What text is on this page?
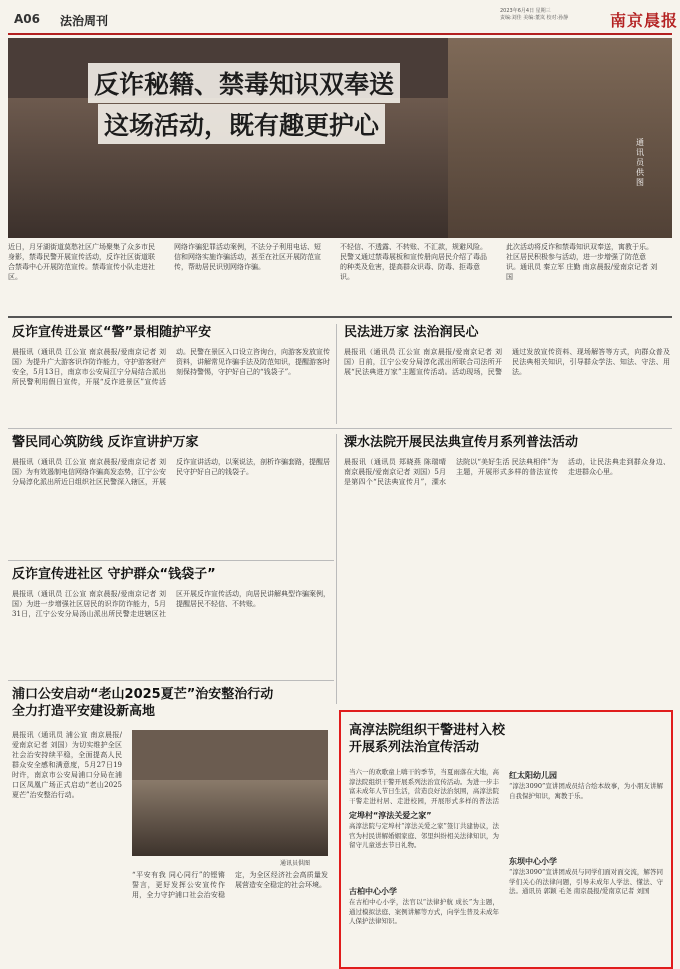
A06 法治周刊
2023年6月4日 星期三
责编:刘佳 美编:董岚 校对:孙静	南京晨报
反诈秘籍、禁毒知识双奉送
这场活动，既有趣更护心
通讯员供图
近日，月牙湖街道莫愁社区广场聚集了众多市民身影，禁毒民警开展宣传活动，反诈社区街道联合禁毒中心开展防范宣传。禁毒宣传小队走进社区。
网络诈骗犯罪活动案例，不法分子利用电话、短信和网络实施诈骗活动，甚至在社区开展防范宣传，帮助居民识别网络诈骗。
不轻信、不透露、不转账、不汇款，规避风险。民警又通过禁毒展板和宣传册向居民介绍了毒品的种类及危害，提高群众识毒、防毒、拒毒意识。
此次活动将反诈和禁毒知识双奉送，寓教于乐。社区居民积极参与活动，进一步增强了防范意识。通讯员 秦立军 庄勤 南京晨报/爱南京记者 刘国
反诈宣传进景区“警”景相随护平安
晨报讯（通讯员 江公宣 南京晨报/爱南京记者 刘国）为提升广大游客识诈防诈能力，守护游客财产安全，5月13日，南京市公安局江宁分局结合派出所民警利用假日宣传，开展“反诈进景区”宣传活动。民警在景区入口设立咨询台，向游客发放宣传资料，讲解常见诈骗手法及防范知识，提醒游客时刻保持警惕，守护好自己的“钱袋子”。
民法进万家 法治润民心
晨报讯（通讯员 江公宣 南京晨报/爱南京记者 刘国）日前，江宁公安分局淳化派出所联合司法所开展“民法典进万家”主题宣传活动。活动现场，民警通过发放宣传资料、现场解答等方式，向群众普及民法典相关知识，引导群众学法、知法、守法、用法。
警民同心筑防线 反诈宣讲护万家
晨报讯（通讯员 江公宣 南京晨报/爱南京记者 刘国）为有效遏制电信网络诈骗高发态势，江宁公安分局淳化派出所近日组织社区民警深入辖区，开展反诈宣讲活动，以案说法，剖析诈骗套路，提醒居民守护好自己的钱袋子。
溧水法院开展民法典宣传月系列普法活动
晨报讯（通讯员 郑晓燕 陈瑞晴 南京晨报/爱南京记者 刘国）5月是第四个“民法典宣传月”，溧水法院以“美好生活 民法典相伴”为主题，开展形式多样的普法宣传活动，让民法典走到群众身边、走进群众心里。
反诈宣传进社区 守护群众“钱袋子”
晨报讯（通讯员 江公宣 南京晨报/爱南京记者 刘国）为进一步增强社区居民的识诈防诈能力，5月31日，江宁公安分局汤山派出所民警走进辖区社区开展反诈宣传活动，向居民讲解典型诈骗案例，提醒居民不轻信、不转账。
浦口公安启动“老山2025夏芒”治安整治行动
全力打造平安建设新高地
晨报讯（通讯员 浦公宣 南京晨报/爱南京记者 刘国）为切实维护全区社会治安持续平稳，全面提高人民群众安全感和满意度，5月27日19时许，南京市公安局浦口分局在浦口区凤凰广场正式启动“老山2025夏芒”治安整治行动。
通讯员供图
“平安有我 同心同行”的铿锵誓言，更好发挥公安宣传作用，全力守护浦口社会治安稳定，为全区经济社会高质量发展营造安全稳定的社会环境。
高淳法院组织干警进村入校
开展系列法治宣传活动
当六一的欢歌童上嗨干的季节，当夏雨落在大地，高淳法院组织干警开展系列法治宣传活动。为进一步丰富未成年人节日生活，营造良好法治氛围，高淳法院干警走进村居、走进校园，开展形式多样的普法活
定埠村“淳法关爱之家”
高淳法院与定埠村“淳法关爱之家”签订共建协议，法官为村民讲解婚姻家庭、邻里纠纷相关法律知识，为留守儿童送去节日礼物。
古柏中心小学
在古柏中心小学，法官以“法律护航 成长”为主题，通过模拟法庭、案例讲解等方式，向学生普及未成年人保护法律知识。
红太阳幼儿园
“淳法3090”宣讲团成员结合绘本故事，为小朋友讲解自我保护知识，寓教于乐。
东坝中心小学
“淳法3090”宣讲团成员与同学们面对面交流，解答同学们关心的法律问题，引导未成年人学法、懂法、守法。通讯员 郭颖 毛尧 南京晨报/爱南京记者 刘国
